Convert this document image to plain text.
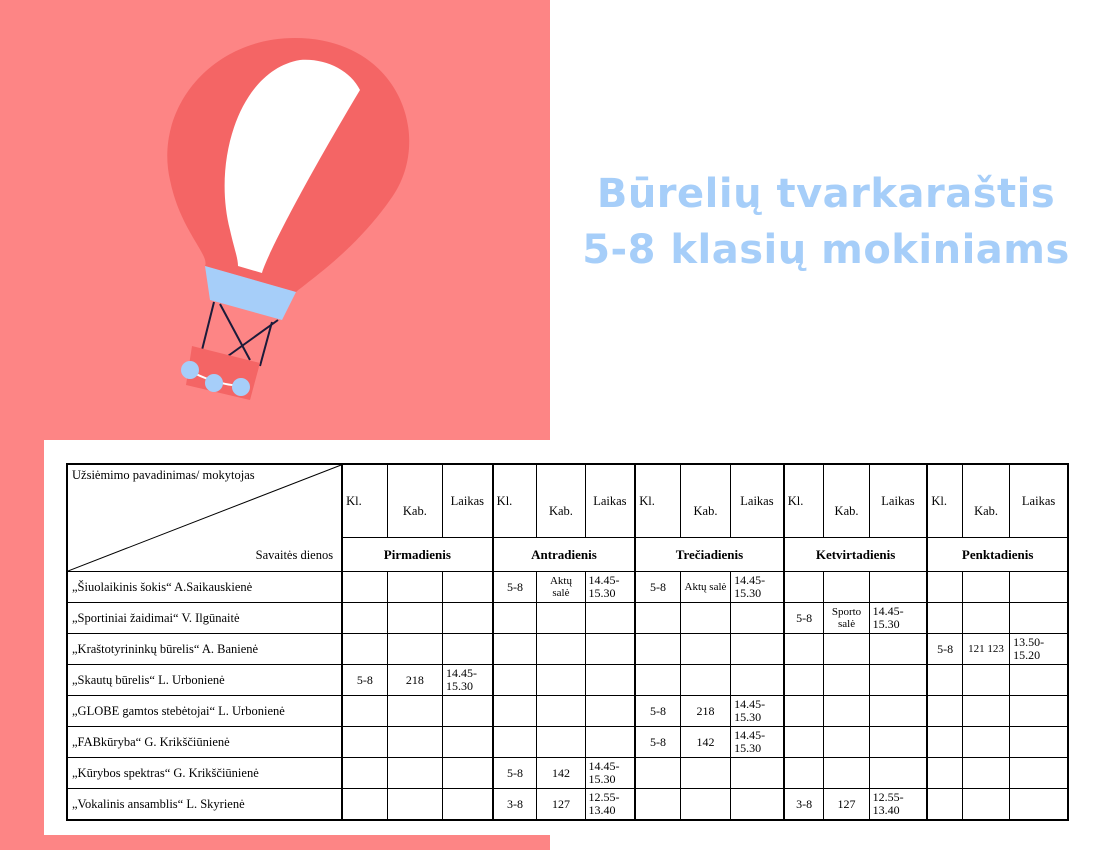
Būrelių tvarkaraštis
5-8 klasių mokiniams
Užsiėmimo pavadinimas/ mokytojas
Savaitės dienos	Kl.	Kab.	Laikas	Kl.	Kab.	Laikas	Kl.	Kab.	Laikas	Kl.	Kab.	Laikas	Kl.	Kab.	Laikas
	Pirmadienis			Antradienis			Trečiadienis			Ketvirtadienis			Penktadienis		
„Šiuolaikinis šokis“ A.Saikauskienė				5-8	Aktų salė	14.45-15.30	5-8	Aktų salė	14.45-15.30						
„Sportiniai žaidimai“ V. Ilgūnaitė										5-8	Sporto salė	14.45-15.30			
„Kraštotyrininkų būrelis“ A. Banienė													5-8	121 123	13.50-15.20
„Skautų būrelis“ L. Urbonienė	5-8	218	14.45-15.30												
„GLOBE gamtos stebėtojai“ L. Urbonienė							5-8	218	14.45-15.30						
„FABkūryba“ G. Krikščiūnienė							5-8	142	14.45-15.30						
„Kūrybos spektras“ G. Krikščiūnienė				5-8	142	14.45-15.30									
„Vokalinis ansamblis“ L. Skyrienė				3-8	127	12.55-13.40				3-8	127	12.55-13.40			
